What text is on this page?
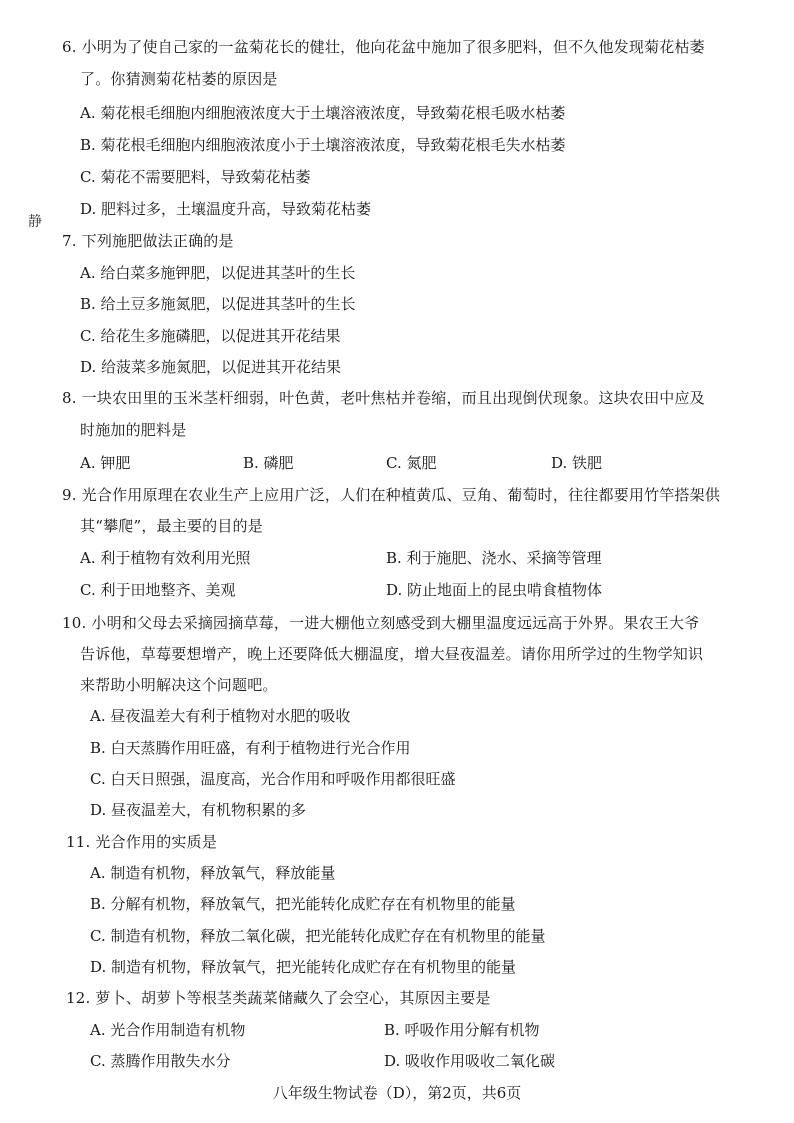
静
6. 小明为了使自己家的一盆菊花长的健壮，他向花盆中施加了很多肥料，但不久他发现菊花枯萎
了。你猜测菊花枯萎的原因是
A. 菊花根毛细胞内细胞液浓度大于土壤溶液浓度，导致菊花根毛吸水枯萎
B. 菊花根毛细胞内细胞液浓度小于土壤溶液浓度，导致菊花根毛失水枯萎
C. 菊花不需要肥料，导致菊花枯萎
D. 肥料过多，土壤温度升高，导致菊花枯萎
7. 下列施肥做法正确的是
A. 给白菜多施钾肥，以促进其茎叶的生长
B. 给土豆多施氮肥，以促进其茎叶的生长
C. 给花生多施磷肥，以促进其开花结果
D. 给菠菜多施氮肥，以促进其开花结果
8. 一块农田里的玉米茎杆细弱，叶色黄，老叶焦枯并卷缩，而且出现倒伏现象。这块农田中应及
时施加的肥料是
A. 钾肥	B. 磷肥	C. 氮肥	D. 铁肥
9. 光合作用原理在农业生产上应用广泛，人们在种植黄瓜、豆角、葡萄时，往往都要用竹竿搭架供
其“攀爬”，最主要的目的是
A. 利于植物有效利用光照	B. 利于施肥、浇水、采摘等管理
C. 利于田地整齐、美观	D. 防止地面上的昆虫啃食植物体
10. 小明和父母去采摘园摘草莓，一进大棚他立刻感受到大棚里温度远远高于外界。果农王大爷
告诉他，草莓要想增产，晚上还要降低大棚温度，增大昼夜温差。请你用所学过的生物学知识
来帮助小明解决这个问题吧。
A. 昼夜温差大有利于植物对水肥的吸收
B. 白天蒸腾作用旺盛，有利于植物进行光合作用
C. 白天日照强，温度高，光合作用和呼吸作用都很旺盛
D. 昼夜温差大，有机物积累的多
11. 光合作用的实质是
A. 制造有机物，释放氧气，释放能量
B. 分解有机物，释放氧气，把光能转化成贮存在有机物里的能量
C. 制造有机物，释放二氧化碳，把光能转化成贮存在有机物里的能量
D. 制造有机物，释放氧气，把光能转化成贮存在有机物里的能量
12. 萝卜、胡萝卜等根茎类蔬菜储藏久了会空心，其原因主要是
A. 光合作用制造有机物	B. 呼吸作用分解有机物
C. 蒸腾作用散失水分	D. 吸收作用吸收二氧化碳
八年级生物试卷（D），第2页，共6页
